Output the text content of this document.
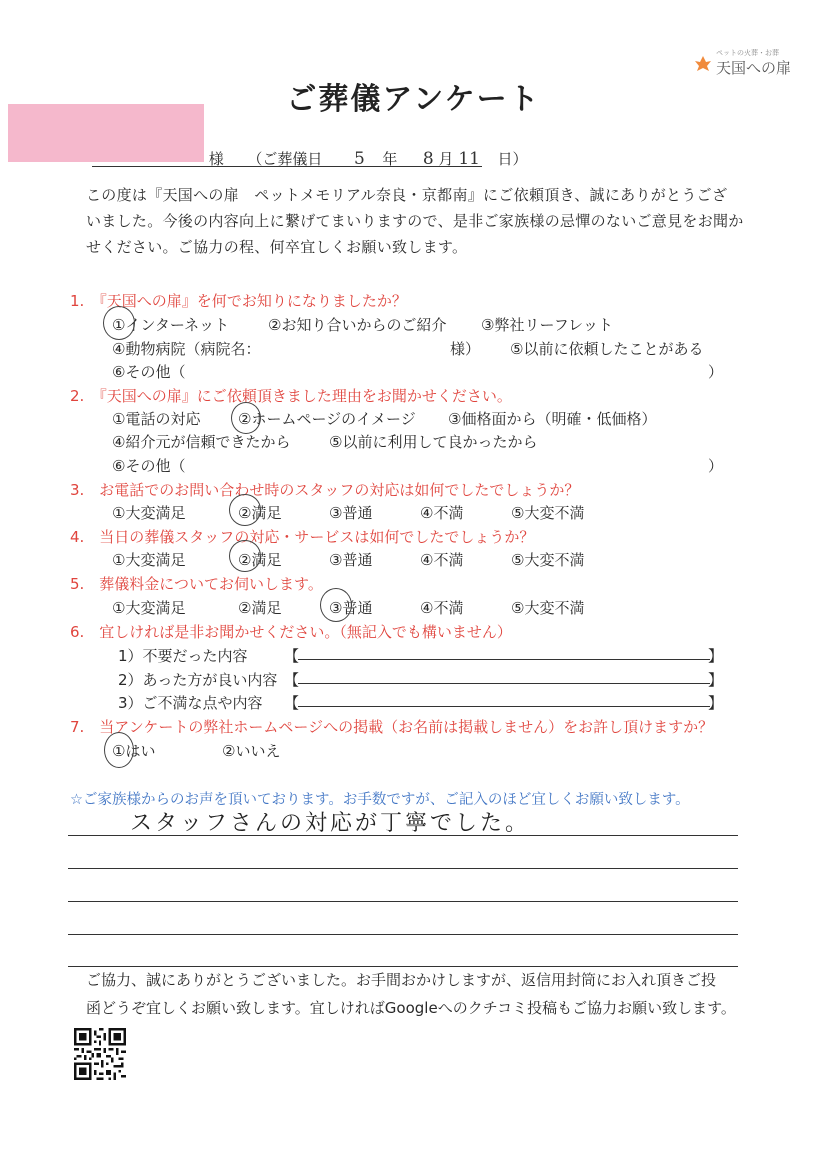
ペットの火葬・お葬
天国への扉
ご葬儀アンケート
様 （ご葬儀日 5 年 8 月 11 日）
この度は『天国への扉　ペットメモリアル奈良・京都南』にご依頼頂き、誠にありがとうござ
いました。今後の内容向上に繋げてまいりますので、是非ご家族様の忌憚のないご意見をお聞か
せください。ご協力の程、何卒宜しくお願い致します。
1.　『天国への扉』を何でお知りになりましたか？
①インターネット	②お知り合いからのご紹介 ③弊社リーフレット
④動物病院（病院名：	様） ⑤以前に依頼したことがある
⑥その他（	）
2.　『天国への扉』にご依頼頂きました理由をお聞かせください。
①電話の対応	②ホームページのイメージ ③価格面から（明確・低価格）
④紹介元が信頼できたから	⑤以前に利用して良かったから
⑥その他（	）
3.　お電話でのお問い合わせ時のスタッフの対応は如何でしたでしょうか？
①大変満足	②満足	③普通	④不満	⑤大変不満
4.　当日の葬儀スタッフの対応・サービスは如何でしたでしょうか？
①大変満足	②満足	③普通	④不満	⑤大変不満
5.　葬儀料金についてお伺いします。
①大変満足	②満足	③普通	④不満	⑤大変不満
6.　宜しければ是非お聞かせください。（無記入でも構いません）
1）不要だった内容 【	】
2）あった方が良い内容 【	】
3）ご不満な点や内容 【	】
7.　当アンケートの弊社ホームページへの掲載（お名前は掲載しません）をお許し頂けますか？
①はい	②いいえ
☆ご家族様からのお声を頂いております。お手数ですが、ご記入のほど宜しくお願い致します。
スタッフさんの対応が丁寧でした。
ご協力、誠にありがとうございました。お手間おかけしますが、返信用封筒にお入れ頂きご投
函どうぞ宜しくお願い致します。宜しければGoogleへのクチコミ投稿もご協力お願い致します。
